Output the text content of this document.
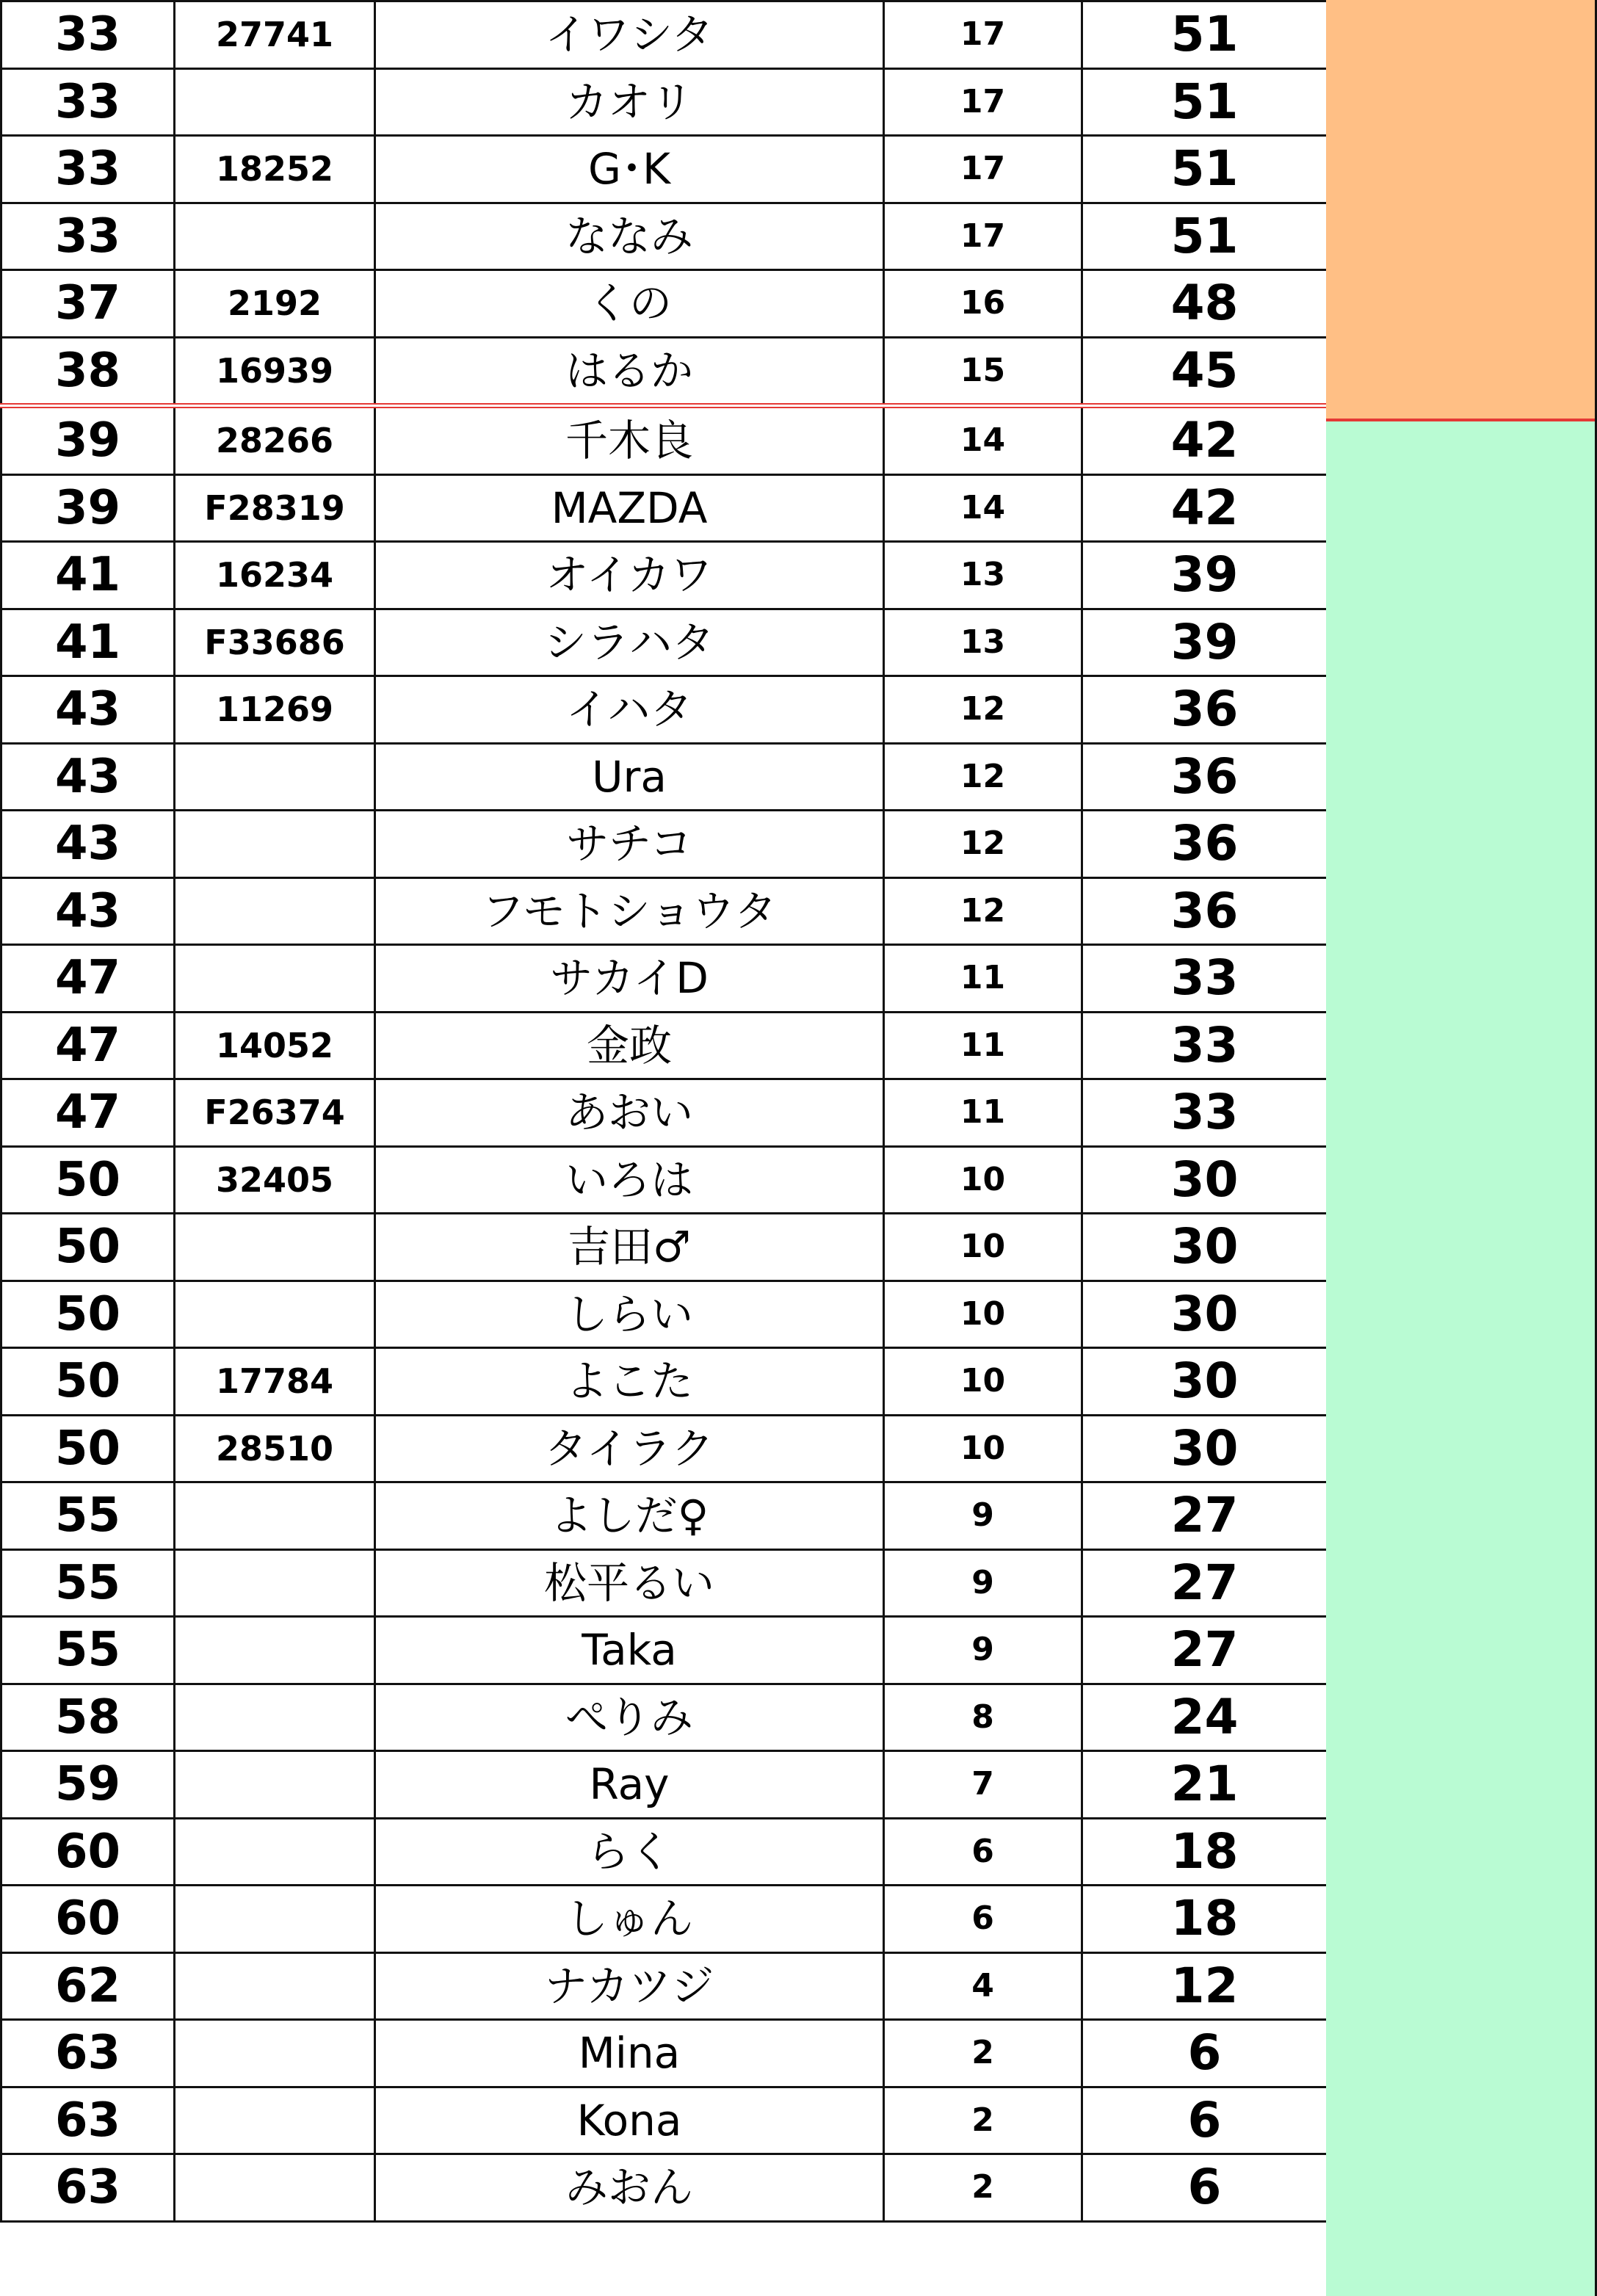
33	27741	イワシタ	17	51
33		カオリ	17	51
33	18252	G･K	17	51
33		ななみ	17	51
37	2192	くの	16	48
38	16939	はるか	15	45
39	28266	千木良	14	42
39	F28319	MAZDA	14	42
41	16234	オイカワ	13	39
41	F33686	シラハタ	13	39
43	11269	イハタ	12	36
43		Ura	12	36
43		サチコ	12	36
43		フモトショウタ	12	36
47		サカイD	11	33
47	14052	金政	11	33
47	F26374	あおい	11	33
50	32405	いろは	10	30
50		吉田♂	10	30
50		しらい	10	30
50	17784	よこた	10	30
50	28510	タイラク	10	30
55		よしだ♀	9	27
55		松平るい	9	27
55		Taka	9	27
58		ぺりみ	8	24
59		Ray	7	21
60		らく	6	18
60		しゅん	6	18
62		ナカツジ	4	12
63		Mina	2	6
63		Kona	2	6
63		みおん	2	6
